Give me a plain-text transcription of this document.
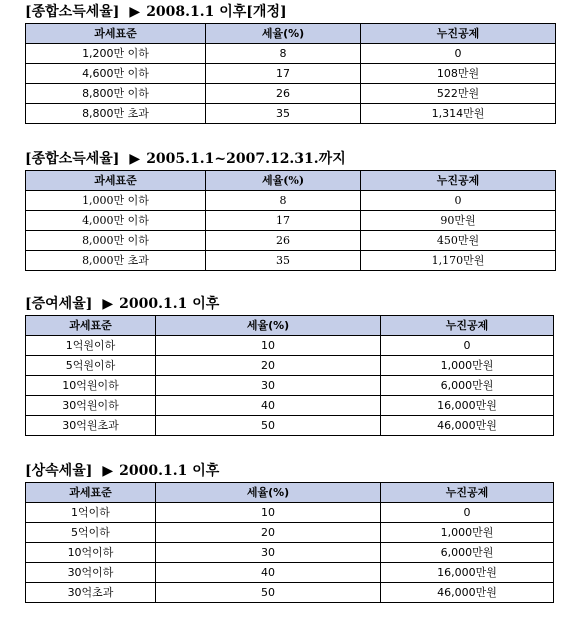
[종합소득세율] ▶ 2008.1.1 이후[개정]
과세표준	세율(%)	누진공제
1,200만 이하	8	0
4,600만 이하	17	108만원
8,800만 이하	26	522만원
8,800만 초과	35	1,314만원
[종합소득세율] ▶ 2005.1.1~2007.12.31.까지
과세표준	세율(%)	누진공제
1,000만 이하	8	0
4,000만 이하	17	90만원
8,000만 이하	26	450만원
8,000만 초과	35	1,170만원
[증여세율] ▶ 2000.1.1 이후
과세표준	세율(%)	누진공제
1억원이하	10	0
5억원이하	20	1,000만원
10억원이하	30	6,000만원
30억원이하	40	16,000만원
30억원초과	50	46,000만원
[상속세율] ▶ 2000.1.1 이후
과세표준	세율(%)	누진공제
1억이하	10	0
5억이하	20	1,000만원
10억이하	30	6,000만원
30억이하	40	16,000만원
30억초과	50	46,000만원
